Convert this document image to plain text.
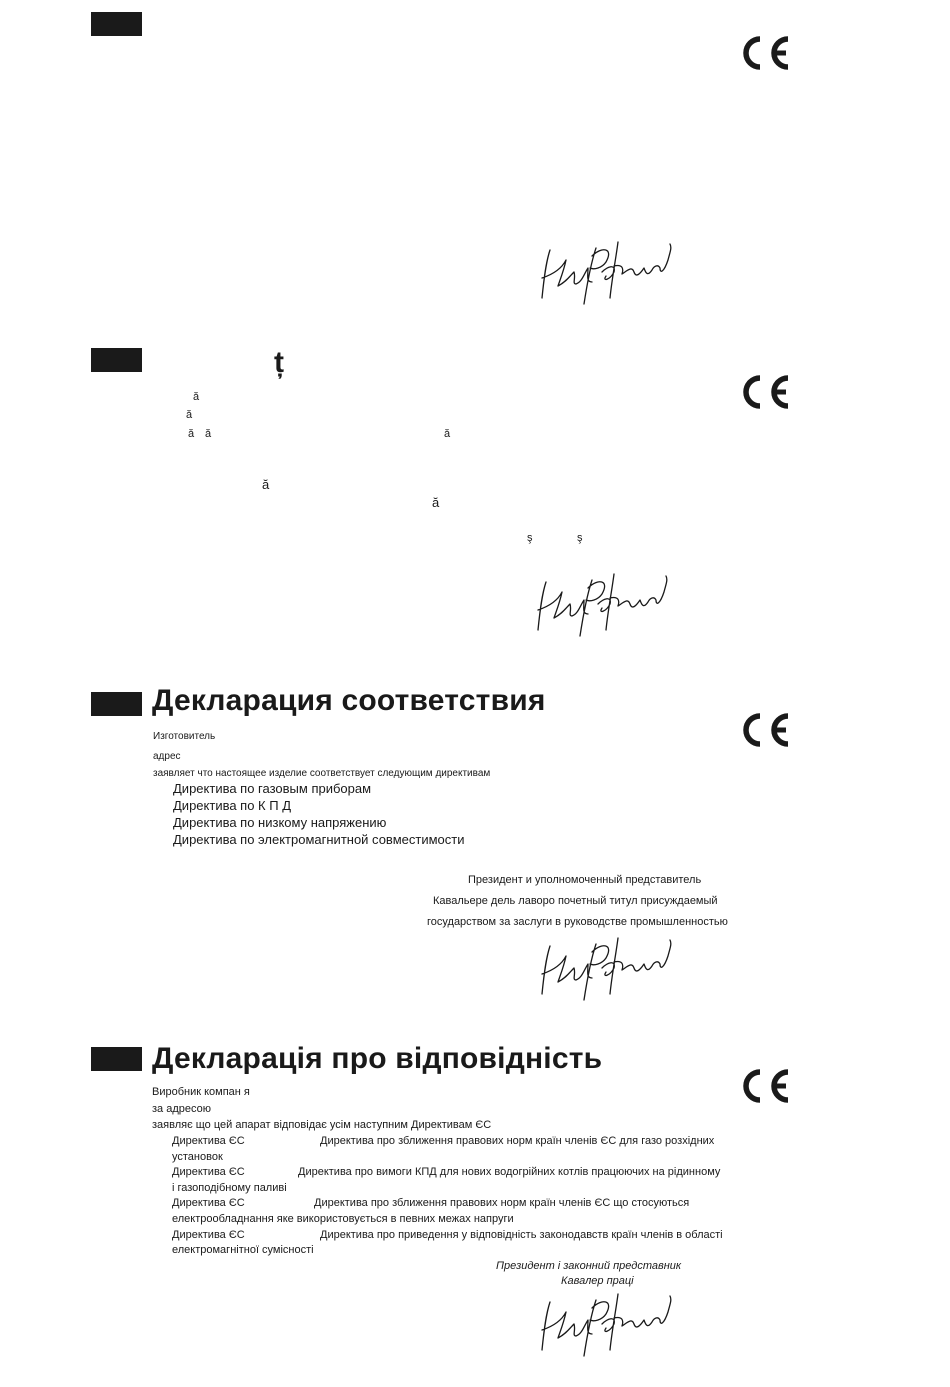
ț
ă
ă
ă ă	ă
ă
ă
ş	ş
Декларация соответствия
Изготовитель
адрес
заявляет что настоящее изделие соответствует следующим директивам
Директива по газовым приборам
Директива по К П Д
Директива по низкому напряжению
Директива по электромагнитной совместимости
Президент и уполномоченный представитель
Кавальере дель лаворо почетный титул присуждаемый
государством за заслуги в руководстве промышленностью
Декларація про відповідність
Виробник компан я
за адресою
заявляє що цей апарат відповідає усім наступним Директивам ЄС
Директива ЄС	Директива про зближення правових норм країн членів ЄС для газо розхідних
установок
Директива ЄС	Директива про вимоги КПД для нових водогрійних котлів працюючих на рідинному
і газоподібному паливі
Директива ЄС	Директива про зближення правових норм країн членів ЄС що стосуються
електрообладнання яке використовується в певних межах напруги
Директива ЄС	Директива про приведення у відповідність законодавств країн членів в області
електромагнітної сумісності
Президент і законний представник
Кавалер праці
